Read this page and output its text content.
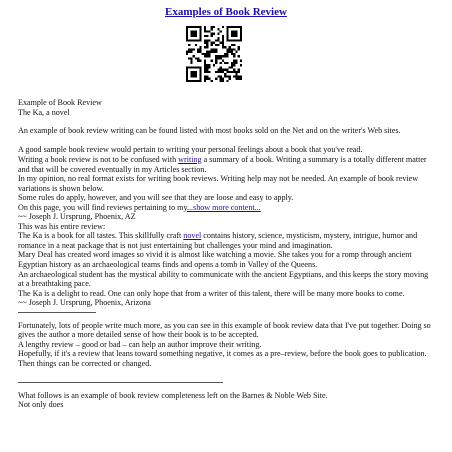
Examples of Book Review

Example of Book Review

The Ka, a novel

An example of book review writing can be found listed with most books sold on the Net and on the writer's Web sites.

A good sample book review would pertain to writing your personal feelings about a book that you've read.

Writing a book review is not to be confused with writing a summary of a book. Writing a summary is a totally different matter and that will be covered eventually in my Articles section.

In my opinion, no real format exists for writing book reviews. Writing help may not be needed. An example of book review variations is shown below.

Some rules do apply, however, and you will see that they are loose and easy to apply.

On this page, you will find reviews pertaining to my...show more content...

~~ Joseph J. Ursprung, Phoenix, AZ

This was his entire review:

The Ka is a book for all tastes. This skillfully craft novel contains history, science, mysticism, mystery, intrigue, humor and romance in a neat package that is not just entertaining but challenges your mind and imagination.

Mary Deal has created word images so vivid it is almost like watching a movie. She takes you for a romp through ancient Egyptian history as an archaeological teams finds and opens a tomb in Valley of the Queens.

An archaeological student has the mystical ability to communicate with the ancient Egyptians, and this keeps the story moving at a breathtaking pace.

The Ka is a delight to read. One can only hope that from a writer of this talent, there will be many more books to come.

~~ Joseph J. Ursprung, Phoenix, Arizona

Fortunately, lots of people write much more, as you can see in this example of book review data that I've put together. Doing so gives the author a more detailed sense of how their book is to be accepted.

A lengthy review – good or bad – can help an author improve their writing.

Hopefully, if it's a review that leans toward something negative, it comes as a pre–review, before the book goes to publication. Then things can be corrected or changed.

What follows is an example of book review completeness left on the Barnes & Noble Web Site.

Not only does
